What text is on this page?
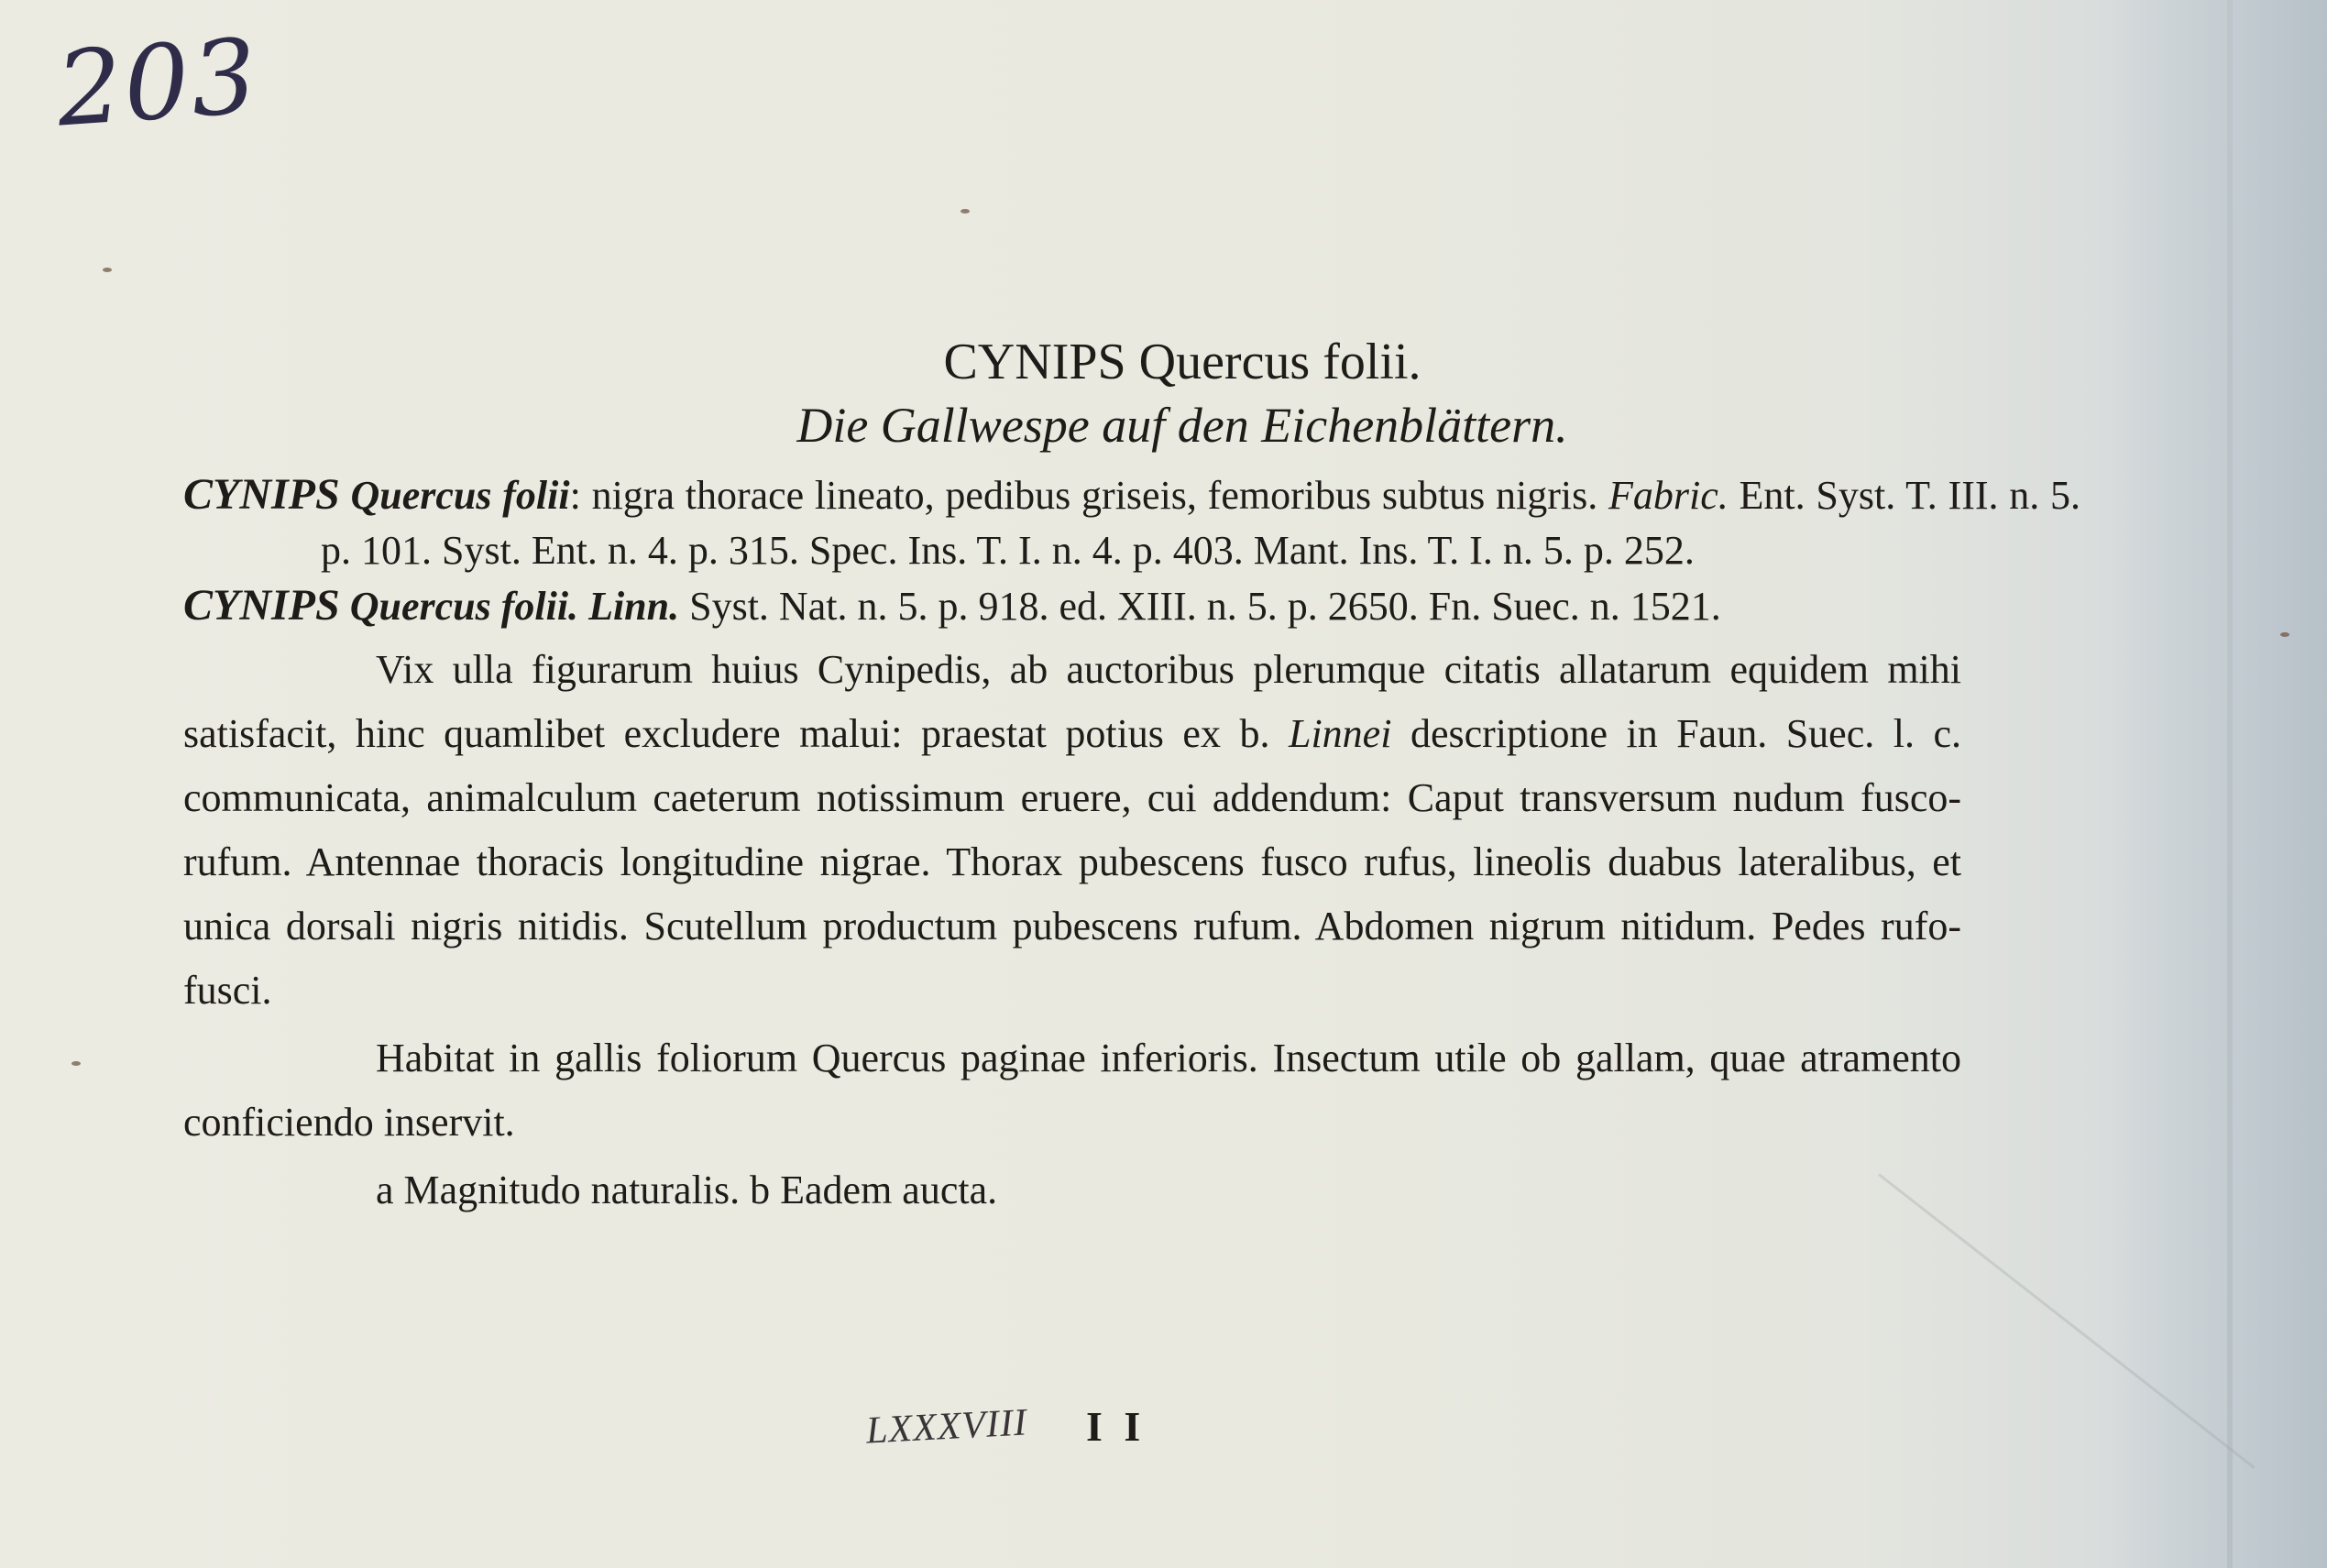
203
CYNIPS Quercus folii.
Die Gallwespe auf den Eichenblättern.
CYNIPS Quercus folii: nigra thorace lineato, pedibus griseis, femoribus subtus nigris. Fabric. Ent. Syst. T. III. n. 5. p. 101. Syst. Ent. n. 4. p. 315. Spec. Ins. T. I. n. 4. p. 403. Mant. Ins. T. I. n. 5. p. 252.
CYNIPS Quercus folii. Linn. Syst. Nat. n. 5. p. 918. ed. XIII. n. 5. p. 2650. Fn. Suec. n. 1521.
Vix ulla figurarum huius Cynipedis, ab auctoribus plerumque citatis allatarum equidem mihi satisfacit, hinc quamlibet excludere malui: praestat potius ex b. Linnei descriptione in Faun. Suec. l. c. communicata, animalculum caeterum notissimum eruere, cui addendum: Caput transversum nudum fusco-rufum. Antennae thoracis longitudine nigrae. Thorax pubescens fusco rufus, lineolis duabus lateralibus, et unica dorsali nigris nitidis. Scutellum productum pubescens rufum. Abdomen nigrum nitidum. Pedes rufo-fusci.
Habitat in gallis foliorum Quercus paginae inferioris. Insectum utile ob gallam, quae atramento conficiendo inservit.
a Magnitudo naturalis. b Eadem aucta.
LXXXVIII I I
